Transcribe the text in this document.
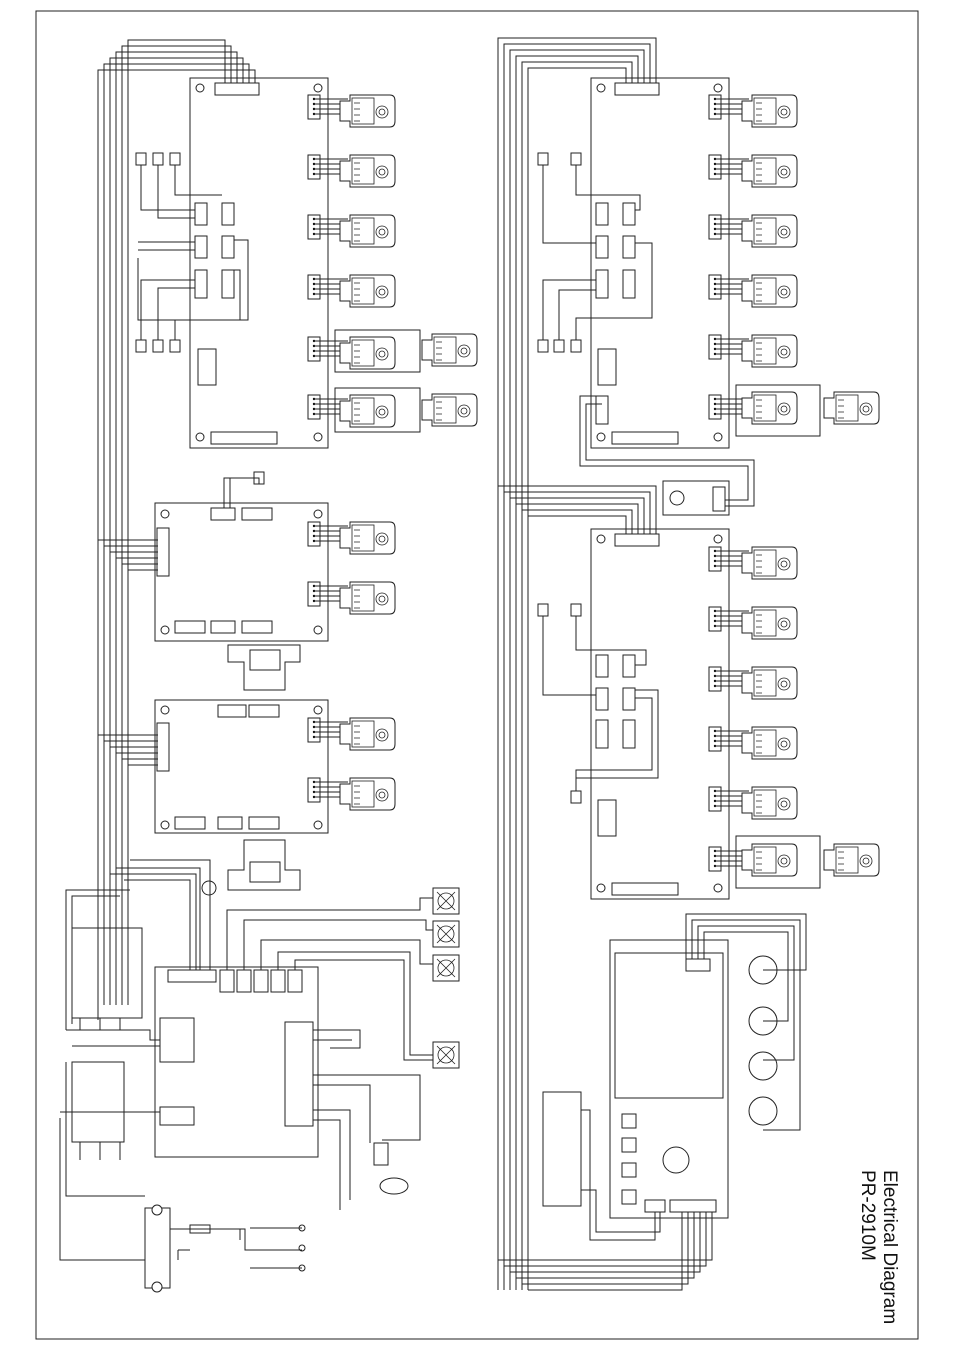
Electrical Diagram
PR-2910M
